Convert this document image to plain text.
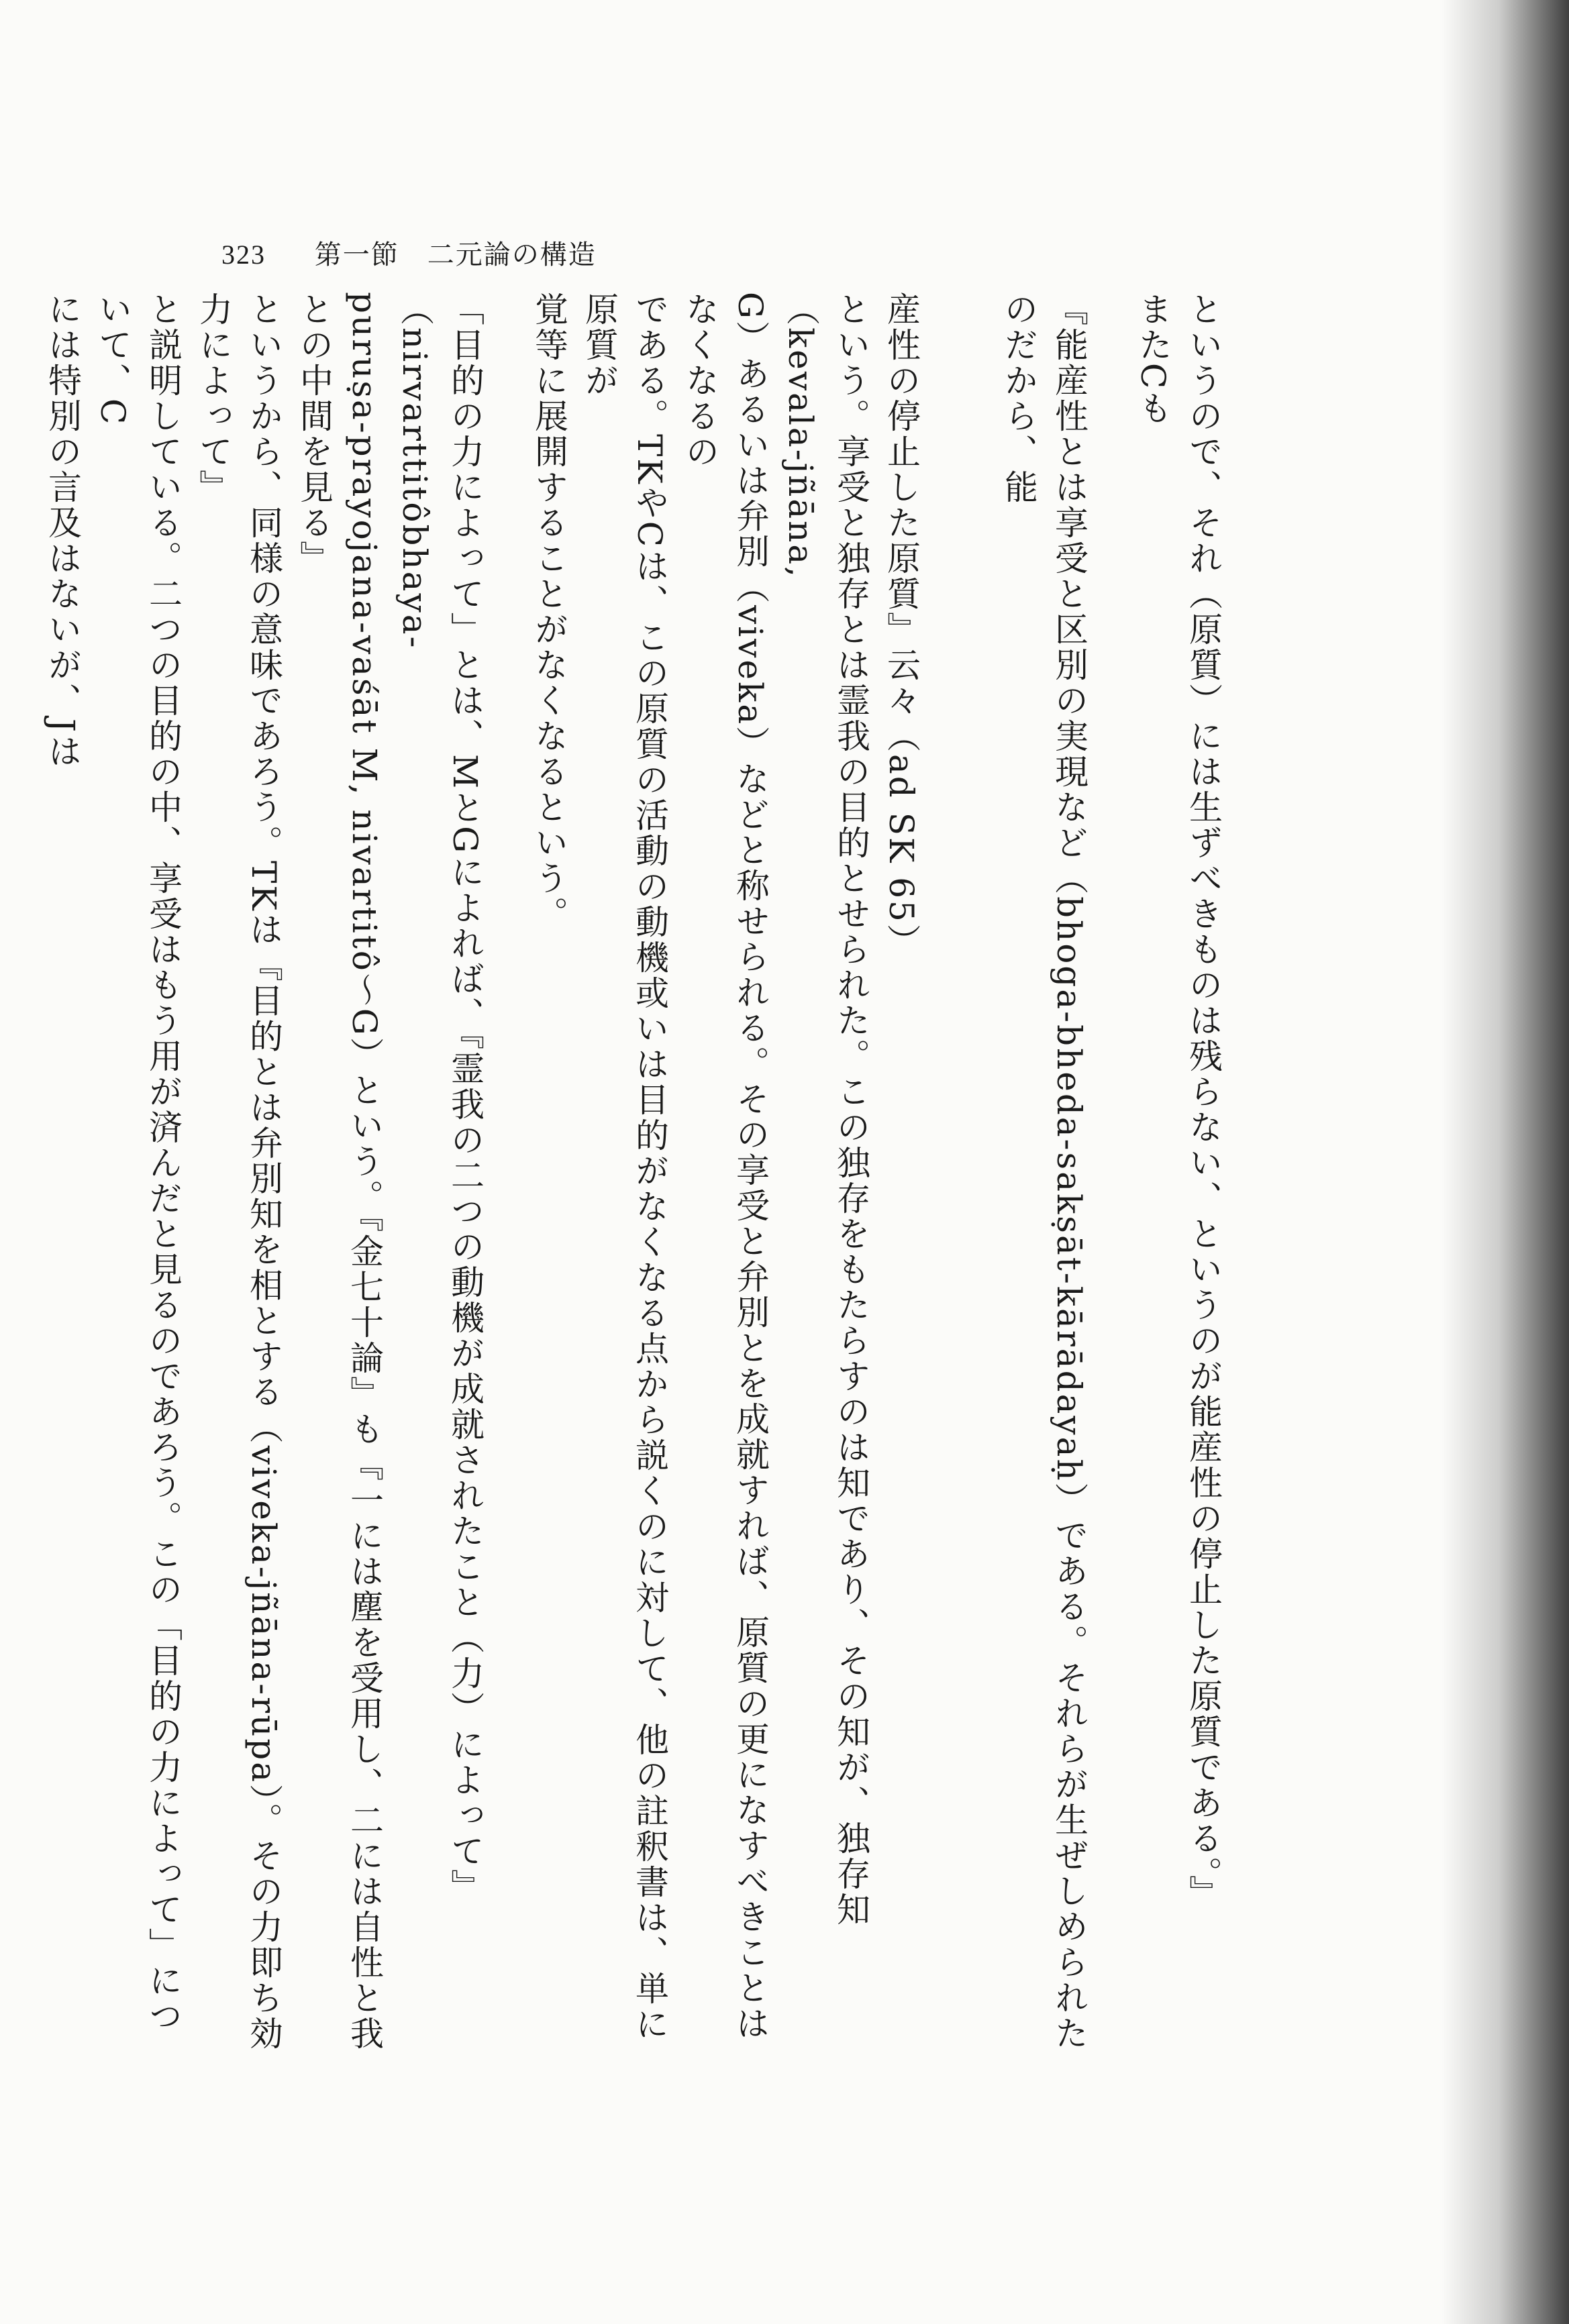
323 第一節　二元論の構造

というので、それ（原質）には生ずべきものは残らない、というのが能産性の停止した原質である。』

またCも

『能産性とは享受と区別の実現など（bhoga-bheda-sakṣāt-kārādayaḥ）である。それらが生ぜしめられたのだから、能

産性の停止した原質』云々（ad SK 65）

という。享受と独存とは霊我の目的とせられた。この独存をもたらすのは知であり、その知が、独存知（kevala-jñāna,

G）あるいは弁別（viveka）などと称せられる。その享受と弁別とを成就すれば、原質の更になすべきことはなくなるの

である。TKやCは、この原質の活動の動機或いは目的がなくなる点から説くのに対して、他の註釈書は、単に原質が

覚等に展開することがなくなるという。

「目的の力によって」とは、MとGによれば、『霊我の二つの動機が成就されたこと（力）によって』（nirvarttitôbhaya-

puruṣa-prayojana-vaśāt M, nivartitô～G）という。『金七十論』も『一には塵を受用し、二には自性と我との中間を見る』

というから、同様の意味であろう。TKは『目的とは弁別知を相とする（viveka-jñāna-rūpa）。その力即ち効力によって』

と説明している。二つの目的の中、享受はもう用が済んだと見るのであろう。この「目的の力によって」について、C

には特別の言及はないが、Jは
